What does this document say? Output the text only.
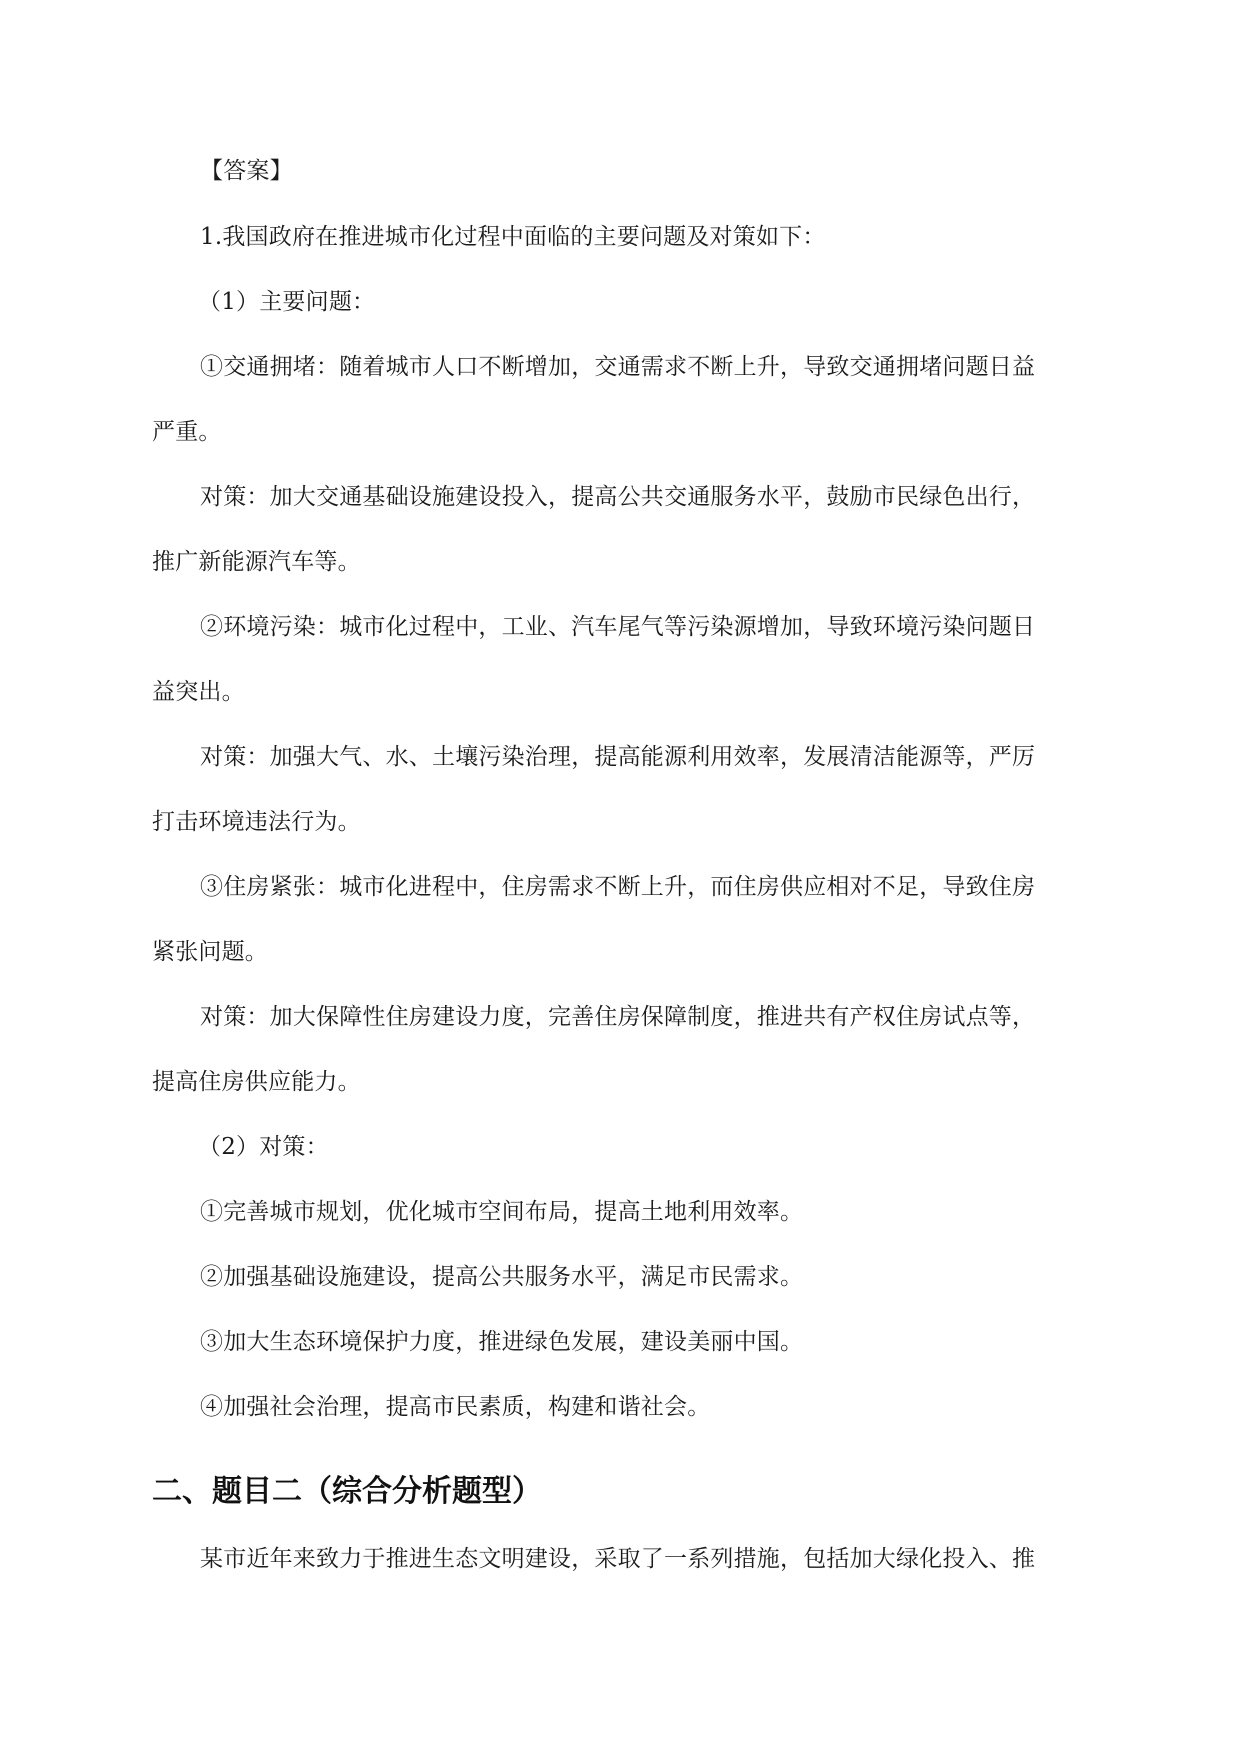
【答案】
1.我国政府在推进城市化过程中面临的主要问题及对策如下：
（1）主要问题：
①交通拥堵：随着城市人口不断增加，交通需求不断上升，导致交通拥堵问题日益
严重。
对策：加大交通基础设施建设投入，提高公共交通服务水平，鼓励市民绿色出行，
推广新能源汽车等。
②环境污染：城市化过程中，工业、汽车尾气等污染源增加，导致环境污染问题日
益突出。
对策：加强大气、水、土壤污染治理，提高能源利用效率，发展清洁能源等，严厉
打击环境违法行为。
③住房紧张：城市化进程中，住房需求不断上升，而住房供应相对不足，导致住房
紧张问题。
对策：加大保障性住房建设力度，完善住房保障制度，推进共有产权住房试点等，
提高住房供应能力。
（2）对策：
①完善城市规划，优化城市空间布局，提高土地利用效率。
②加强基础设施建设，提高公共服务水平，满足市民需求。
③加大生态环境保护力度，推进绿色发展，建设美丽中国。
④加强社会治理，提高市民素质，构建和谐社会。
二、题目二（综合分析题型）
某市近年来致力于推进生态文明建设，采取了一系列措施，包括加大绿化投入、推
